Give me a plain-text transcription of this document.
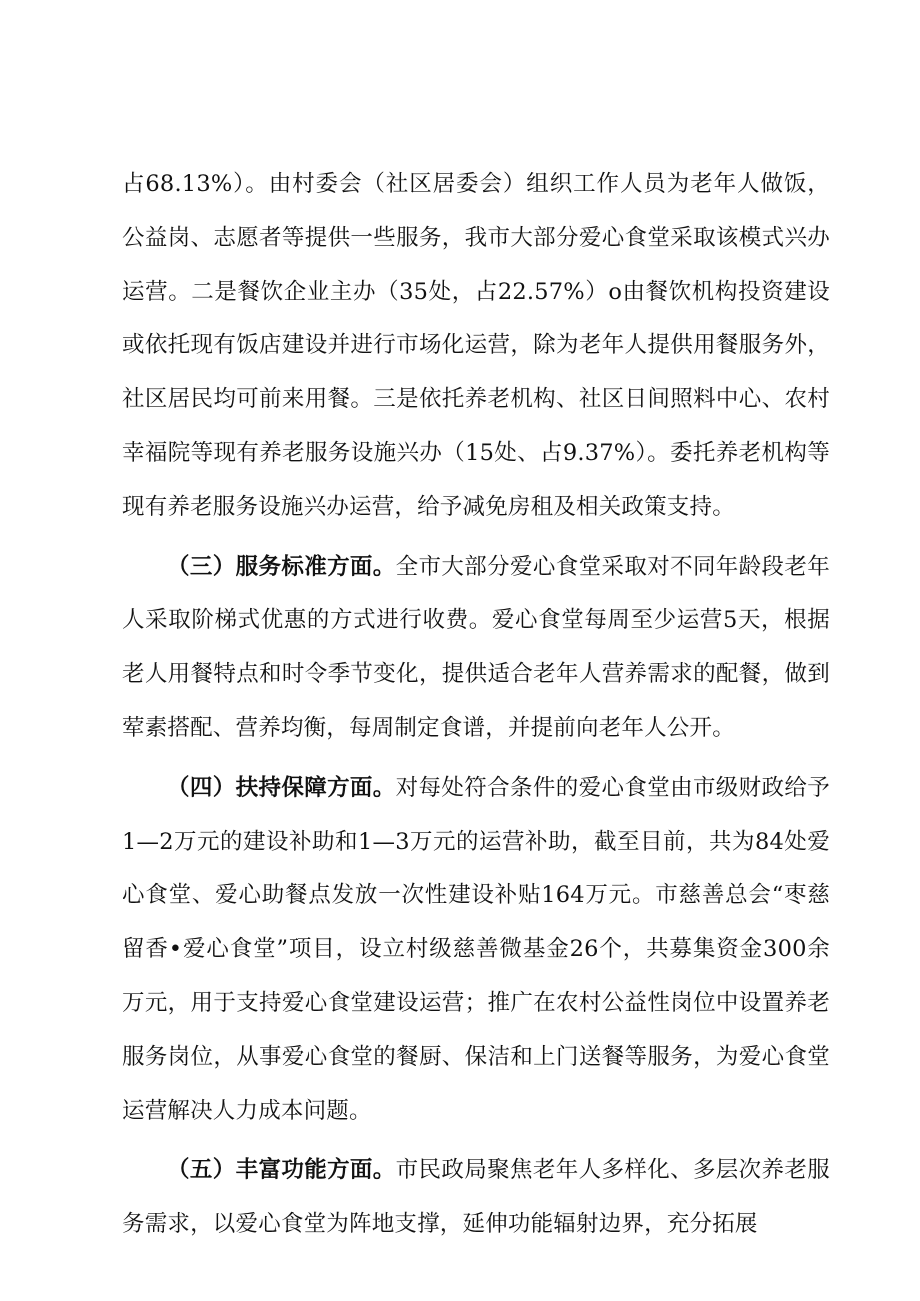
占68.13%）。由村委会（社区居委会）组织工作人员为老年人做饭，公益岗、志愿者等提供一些服务，我市大部分爱心食堂采取该模式兴办运营。二是餐饮企业主办（35处，占22.57%）o由餐饮机构投资建设或依托现有饭店建设并进行市场化运营，除为老年人提供用餐服务外，社区居民均可前来用餐。三是依托养老机构、社区日间照料中心、农村幸福院等现有养老服务设施兴办（15处、占9.37%）。委托养老机构等现有养老服务设施兴办运营，给予减免房租及相关政策支持。

（三）服务标准方面。全市大部分爱心食堂采取对不同年龄段老年人采取阶梯式优惠的方式进行收费。爱心食堂每周至少运营5天，根据老人用餐特点和时令季节变化，提供适合老年人营养需求的配餐，做到荤素搭配、营养均衡，每周制定食谱，并提前向老年人公开。

（四）扶持保障方面。对每处符合条件的爱心食堂由市级财政给予1—2万元的建设补助和1—3万元的运营补助，截至目前，共为84处爱心食堂、爱心助餐点发放一次性建设补贴164万元。市慈善总会“枣慈留香•爱心食堂”项目，设立村级慈善微基金26个，共募集资金300余万元，用于支持爱心食堂建设运营；推广在农村公益性岗位中设置养老服务岗位，从事爱心食堂的餐厨、保洁和上门送餐等服务，为爱心食堂运营解决人力成本问题。

（五）丰富功能方面。市民政局聚焦老年人多样化、多层次养老服务需求，以爱心食堂为阵地支撑，延伸功能辐射边界，充分拓展
